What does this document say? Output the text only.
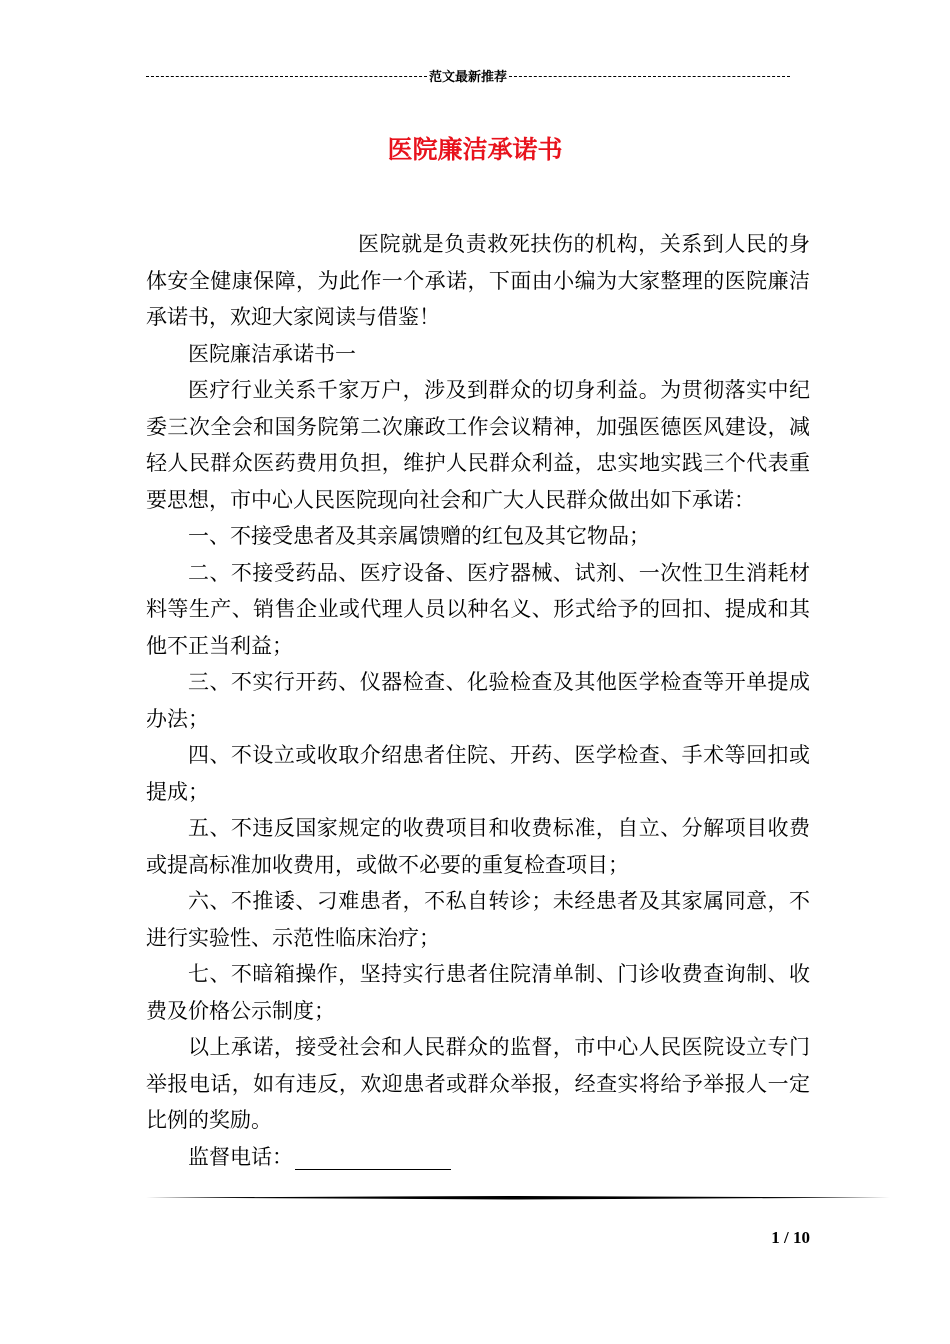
范文最新推荐
医院廉洁承诺书

医院就是负责救死扶伤的机构，关系到人民的身体安全健康保障，为此作一个承诺，下面由小编为大家整理的医院廉洁承诺书，欢迎大家阅读与借鉴！

医院廉洁承诺书一

医疗行业关系千家万户，涉及到群众的切身利益。为贯彻落实中纪委三次全会和国务院第二次廉政工作会议精神，加强医德医风建设，减轻人民群众医药费用负担，维护人民群众利益，忠实地实践三个代表重要思想，市中心人民医院现向社会和广大人民群众做出如下承诺：

一、不接受患者及其亲属馈赠的红包及其它物品；

二、不接受药品、医疗设备、医疗器械、试剂、一次性卫生消耗材料等生产、销售企业或代理人员以种名义、形式给予的回扣、提成和其他不正当利益；

三、不实行开药、仪器检查、化验检查及其他医学检查等开单提成办法；

四、不设立或收取介绍患者住院、开药、医学检查、手术等回扣或提成；

五、不违反国家规定的收费项目和收费标准，自立、分解项目收费或提高标准加收费用，或做不必要的重复检查项目；

六、不推诿、刁难患者，不私自转诊；未经患者及其家属同意，不进行实验性、示范性临床治疗；

七、不暗箱操作，坚持实行患者住院清单制、门诊收费查询制、收费及价格公示制度；

以上承诺，接受社会和人民群众的监督，市中心人民医院设立专门举报电话，如有违反，欢迎患者或群众举报，经查实将给予举报人一定比例的奖励。

监督电话：

1 / 10
